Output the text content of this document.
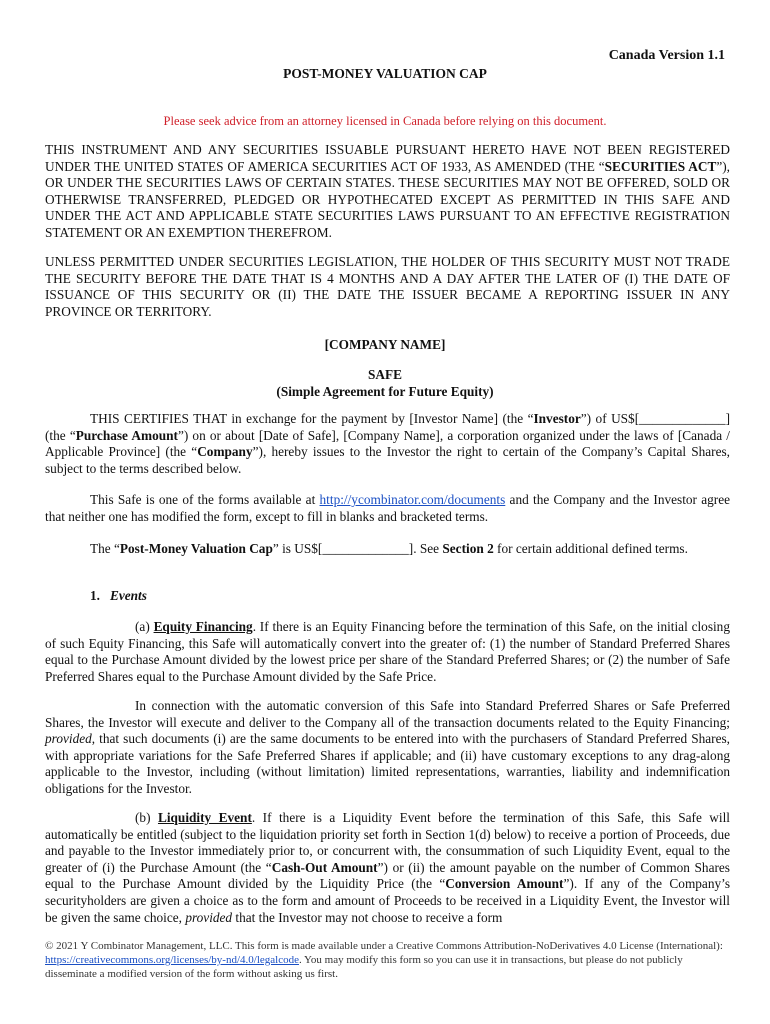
Canada Version 1.1
POST-MONEY VALUATION CAP
Please seek advice from an attorney licensed in Canada before relying on this document.
THIS INSTRUMENT AND ANY SECURITIES ISSUABLE PURSUANT HERETO HAVE NOT BEEN REGISTERED UNDER THE UNITED STATES OF AMERICA SECURITIES ACT OF 1933, AS AMENDED (THE “SECURITIES ACT”), OR UNDER THE SECURITIES LAWS OF CERTAIN STATES. THESE SECURITIES MAY NOT BE OFFERED, SOLD OR OTHERWISE TRANSFERRED, PLEDGED OR HYPOTHECATED EXCEPT AS PERMITTED IN THIS SAFE AND UNDER THE ACT AND APPLICABLE STATE SECURITIES LAWS PURSUANT TO AN EFFECTIVE REGISTRATION STATEMENT OR AN EXEMPTION THEREFROM.
UNLESS PERMITTED UNDER SECURITIES LEGISLATION, THE HOLDER OF THIS SECURITY MUST NOT TRADE THE SECURITY BEFORE THE DATE THAT IS 4 MONTHS AND A DAY AFTER THE LATER OF (I) THE DATE OF ISSUANCE OF THIS SECURITY OR (II) THE DATE THE ISSUER BECAME A REPORTING ISSUER IN ANY PROVINCE OR TERRITORY.
[COMPANY NAME]
SAFE
(Simple Agreement for Future Equity)
THIS CERTIFIES THAT in exchange for the payment by [Investor Name] (the “Investor”) of US$[_____________] (the “Purchase Amount”) on or about [Date of Safe], [Company Name], a corporation organized under the laws of [Canada / Applicable Province] (the “Company”), hereby issues to the Investor the right to certain of the Company’s Capital Shares, subject to the terms described below.
This Safe is one of the forms available at http://ycombinator.com/documents and the Company and the Investor agree that neither one has modified the form, except to fill in blanks and bracketed terms.
The “Post-Money Valuation Cap” is US$[_____________]. See Section 2 for certain additional defined terms.
1. Events
(a) Equity Financing. If there is an Equity Financing before the termination of this Safe, on the initial closing of such Equity Financing, this Safe will automatically convert into the greater of: (1) the number of Standard Preferred Shares equal to the Purchase Amount divided by the lowest price per share of the Standard Preferred Shares; or (2) the number of Safe Preferred Shares equal to the Purchase Amount divided by the Safe Price.
In connection with the automatic conversion of this Safe into Standard Preferred Shares or Safe Preferred Shares, the Investor will execute and deliver to the Company all of the transaction documents related to the Equity Financing; provided, that such documents (i) are the same documents to be entered into with the purchasers of Standard Preferred Shares, with appropriate variations for the Safe Preferred Shares if applicable; and (ii) have customary exceptions to any drag-along applicable to the Investor, including (without limitation) limited representations, warranties, liability and indemnification obligations for the Investor.
(b) Liquidity Event. If there is a Liquidity Event before the termination of this Safe, this Safe will automatically be entitled (subject to the liquidation priority set forth in Section 1(d) below) to receive a portion of Proceeds, due and payable to the Investor immediately prior to, or concurrent with, the consummation of such Liquidity Event, equal to the greater of (i) the Purchase Amount (the “Cash-Out Amount”) or (ii) the amount payable on the number of Common Shares equal to the Purchase Amount divided by the Liquidity Price (the “Conversion Amount”). If any of the Company’s securityholders are given a choice as to the form and amount of Proceeds to be received in a Liquidity Event, the Investor will be given the same choice, provided that the Investor may not choose to receive a form
© 2021 Y Combinator Management, LLC. This form is made available under a Creative Commons Attribution-NoDerivatives 4.0 License (International): https://creativecommons.org/licenses/by-nd/4.0/legalcode. You may modify this form so you can use it in transactions, but please do not publicly disseminate a modified version of the form without asking us first.
